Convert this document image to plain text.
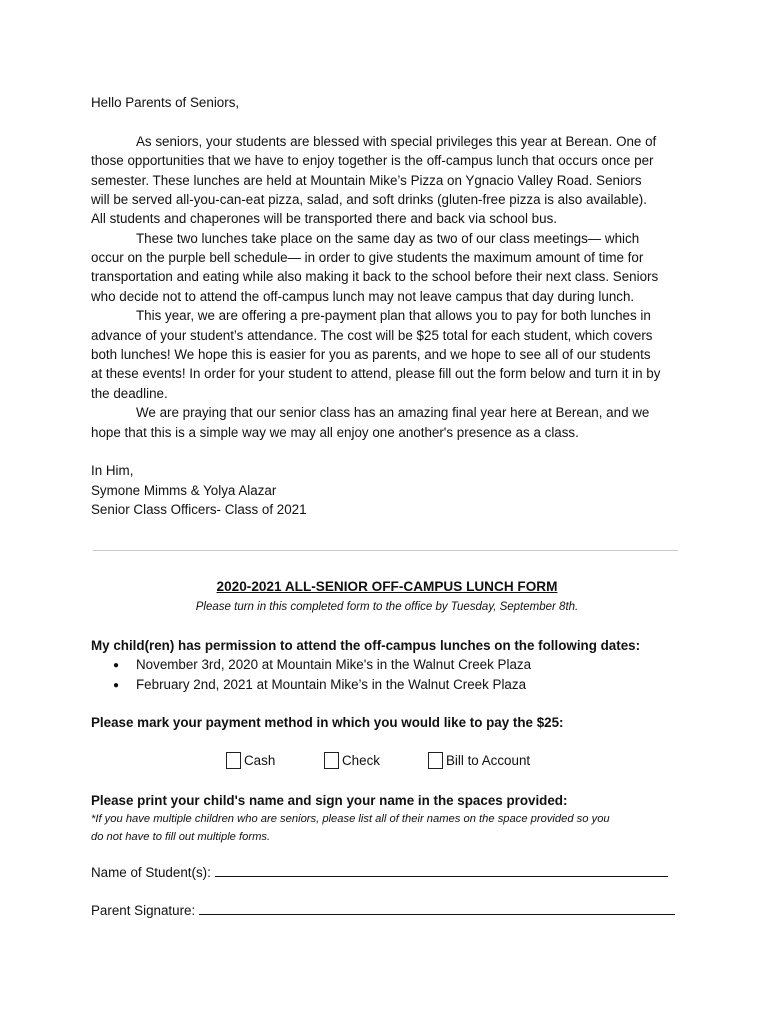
Hello Parents of Seniors,
As seniors, your students are blessed with special privileges this year at Berean. One of
those opportunities that we have to enjoy together is the off-campus lunch that occurs once per
semester. These lunches are held at Mountain Mike’s Pizza on Ygnacio Valley Road. Seniors
will be served all-you-can-eat pizza, salad, and soft drinks (gluten-free pizza is also available).
All students and chaperones will be transported there and back via school bus.
These two lunches take place on the same day as two of our class meetings— which
occur on the purple bell schedule— in order to give students the maximum amount of time for
transportation and eating while also making it back to the school before their next class. Seniors
who decide not to attend the off-campus lunch may not leave campus that day during lunch.
This year, we are offering a pre-payment plan that allows you to pay for both lunches in
advance of your student’s attendance. The cost will be $25 total for each student, which covers
both lunches! We hope this is easier for you as parents, and we hope to see all of our students
at these events! In order for your student to attend, please fill out the form below and turn it in by
the deadline.
We are praying that our senior class has an amazing final year here at Berean, and we
hope that this is a simple way we may all enjoy one another's presence as a class.
In Him,
Symone Mimms & Yolya Alazar
Senior Class Officers- Class of 2021
2020-2021 ALL-SENIOR OFF-CAMPUS LUNCH FORM
Please turn in this completed form to the office by Tuesday, September 8th.
My child(ren) has permission to attend the off-campus lunches on the following dates:
● November 3rd, 2020 at Mountain Mike's in the Walnut Creek Plaza
● February 2nd, 2021 at Mountain Mike’s in the Walnut Creek Plaza
Please mark your payment method in which you would like to pay the $25:
Cash	Check	Bill to Account
Please print your child's name and sign your name in the spaces provided:
*If you have multiple children who are seniors, please list all of their names on the space provided so you
do not have to fill out multiple forms.
Name of Student(s):
Parent Signature:
